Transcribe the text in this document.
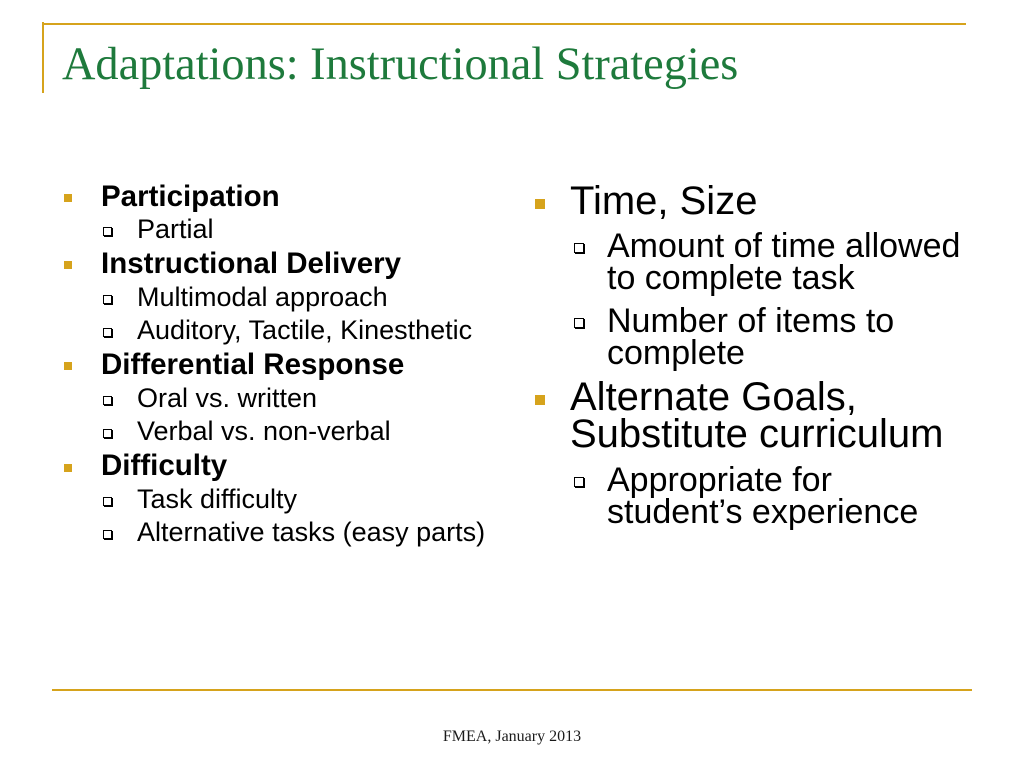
Adaptations: Instructional Strategies
Participation
Partial
Instructional Delivery
Multimodal approach
Auditory, Tactile, Kinesthetic
Differential Response
Oral vs. written
Verbal vs. non-verbal
Difficulty
Task difficulty
Alternative tasks (easy parts)
Time, Size
Amount of time allowed to complete task
Number of items to complete
Alternate Goals, Substitute curriculum
Appropriate for student’s experience
FMEA, January 2013
